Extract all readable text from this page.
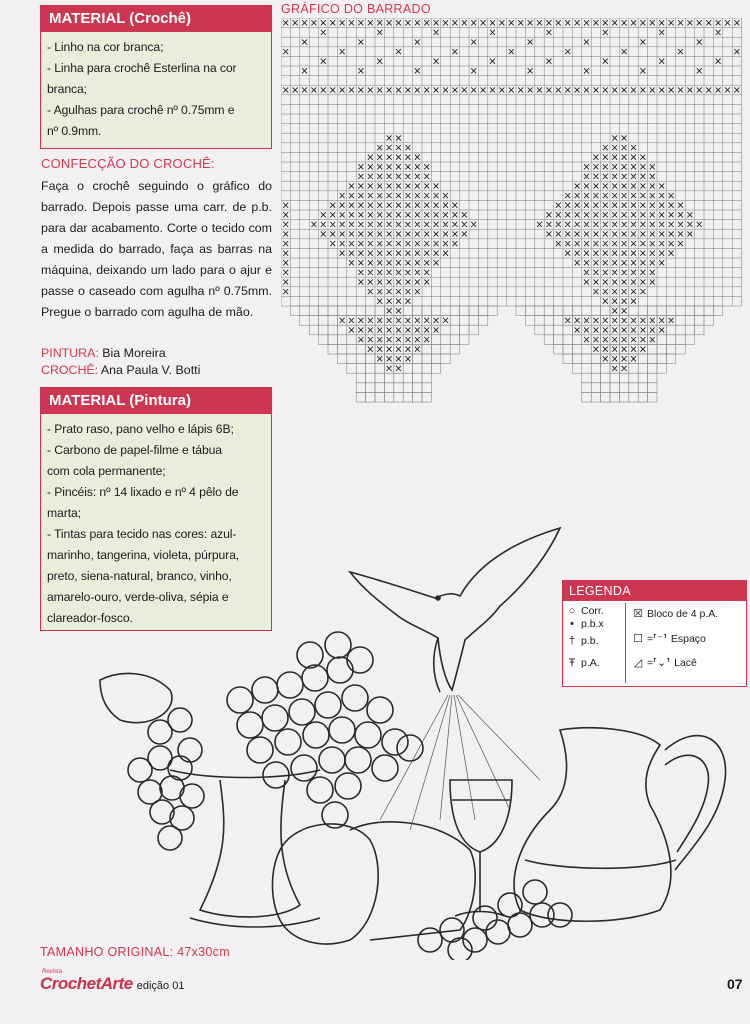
MATERIAL (Crochê)
- Linho na cor branca;
- Linha para crochê Esterlina na cor
branca;
- Agulhas para crochê nº 0.75mm e
nº 0.9mm.
CONFECÇÃO DO CROCHÊ:

Faça o crochê seguindo o gráfico do barrado. Depois passe uma carr. de p.b. para dar acabamento. Corte o tecido com a medida do barrado, faça as barras na máquina, deixando um lado para o ajur e passe o caseado com agulha nº 0.75mm. Pregue o barrado com agulha de mão.

PINTURA: Bia Moreira
CROCHÊ: Ana Paula V. Botti
MATERIAL (Pintura)
- Prato raso, pano velho e lápis 6B;
- Carbono de papel-filme e tábua
com cola permanente;
- Pincéis: nº 14 lixado e nº 4 pêlo de
marta;
- Tintas para tecido nas cores: azul-
marinho, tangerina, violeta, púrpura,
preto, siena-natural, branco, vinho,
amarelo-ouro, verde-oliva, sépia e
clareador-fosco.
GRÁFICO DO BARRADO
LEGENDA
○ Corr.
• p.b.x
† p.b.
Ŧ p.A.
☒ Bloco de 4 p.A.
☐ =⸢⁻⸣ Espaço
◿ =⸢⌄⸣ Lacê
TAMANHO ORIGINAL: 47x30cm
Revista
CrochetArte edição 01	07
